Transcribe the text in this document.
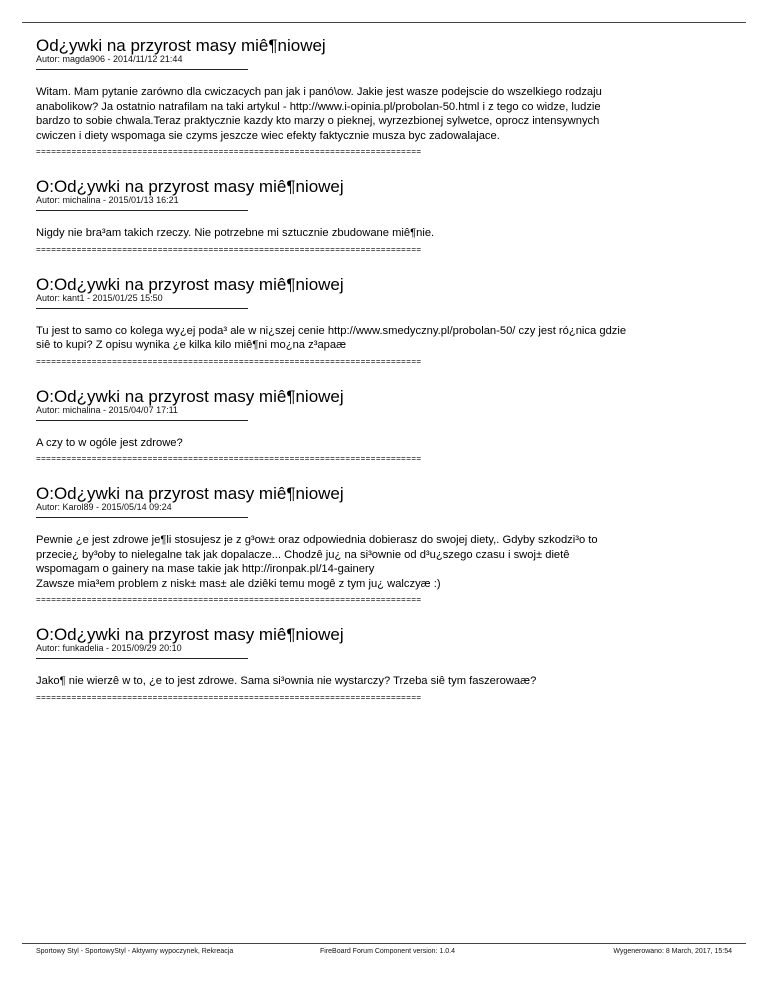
Od¿ywki na przyrost masy miê¶niowej
Autor: magda906 - 2014/11/12 21:44
Witam. Mam pytanie zarówno dla cwiczacych pan jak i panó\ow. Jakie jest wasze podejscie do wszelkiego rodzaju
anabolikow? Ja ostatnio natrafilam na taki artykul - http://www.i-opinia.pl/probolan-50.html i z tego co widze, ludzie
bardzo to sobie chwala.Teraz praktycznie kazdy kto marzy o pieknej, wyrzezbionej sylwetce, oprocz intensywnych
cwiczen i diety wspomaga sie czyms jeszcze wiec efekty faktycznie musza byc zadowalajace.
============================================================================
O:Od¿ywki na przyrost masy miê¶niowej
Autor: michalina - 2015/01/13 16:21
Nigdy nie bra³am takich rzeczy. Nie potrzebne mi sztucznie zbudowane miê¶nie.
============================================================================
O:Od¿ywki na przyrost masy miê¶niowej
Autor: kant1 - 2015/01/25 15:50
Tu jest to samo co kolega wy¿ej poda³ ale w ni¿szej cenie http://www.smedyczny.pl/probolan-50/ czy jest ró¿nica gdzie
siê to kupi? Z opisu wynika ¿e kilka kilo miê¶ni mo¿na z³apaæ
============================================================================
O:Od¿ywki na przyrost masy miê¶niowej
Autor: michalina - 2015/04/07 17:11
A czy to w ogóle jest zdrowe?
============================================================================
O:Od¿ywki na przyrost masy miê¶niowej
Autor: Karol89 - 2015/05/14 09:24
Pewnie ¿e jest zdrowe je¶li stosujesz je z g³ow± oraz odpowiednia dobierasz do swojej diety,. Gdyby szkodzi³o to
przecie¿ by³oby to nielegalne tak jak dopalacze... Chodzê ju¿ na si³ownie od d³u¿szego czasu i swoj± dietê
wspomagam o gainery na mase takie jak http://ironpak.pl/14-gainery
Zawsze mia³em problem z nisk± mas± ale dziêki temu mogê z tym ju¿ walczyæ :)
============================================================================
O:Od¿ywki na przyrost masy miê¶niowej
Autor: funkadelia - 2015/09/29 20:10
Jako¶ nie wierzê w to, ¿e to jest zdrowe. Sama si³ownia nie wystarczy? Trzeba siê tym faszerowaæ?
============================================================================
Sportowy Styl - SportowyStyl - Aktywny wypoczynek, Rekreacja	FireBoard Forum Component version: 1.0.4	Wygenerowano: 8 March, 2017, 15:54
